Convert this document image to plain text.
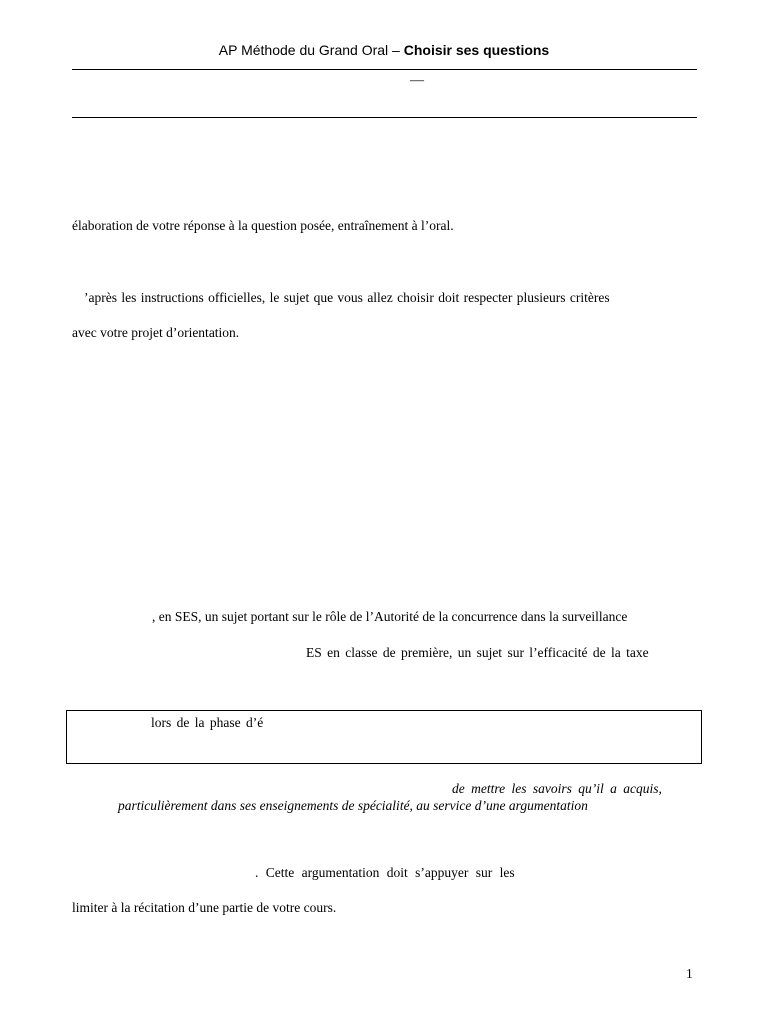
AP Méthode du Grand Oral – Choisir ses questions
—
élaboration de votre réponse à la question posée, entraînement à l’oral.
’après les instructions officielles, le sujet que vous allez choisir doit respecter plusieurs critères
avec votre projet d’orientation.
, en SES, un sujet portant sur le rôle de l’Autorité de la concurrence dans la surveillance
ES en classe de première, un sujet sur l’efficacité de la taxe
lors de la phase d’é
de mettre les savoirs qu’il a acquis,
particulièrement dans ses enseignements de spécialité, au service d’une argumentation
. Cette argumentation doit s’appuyer sur les
limiter à la récitation d’une partie de votre cours.
1
